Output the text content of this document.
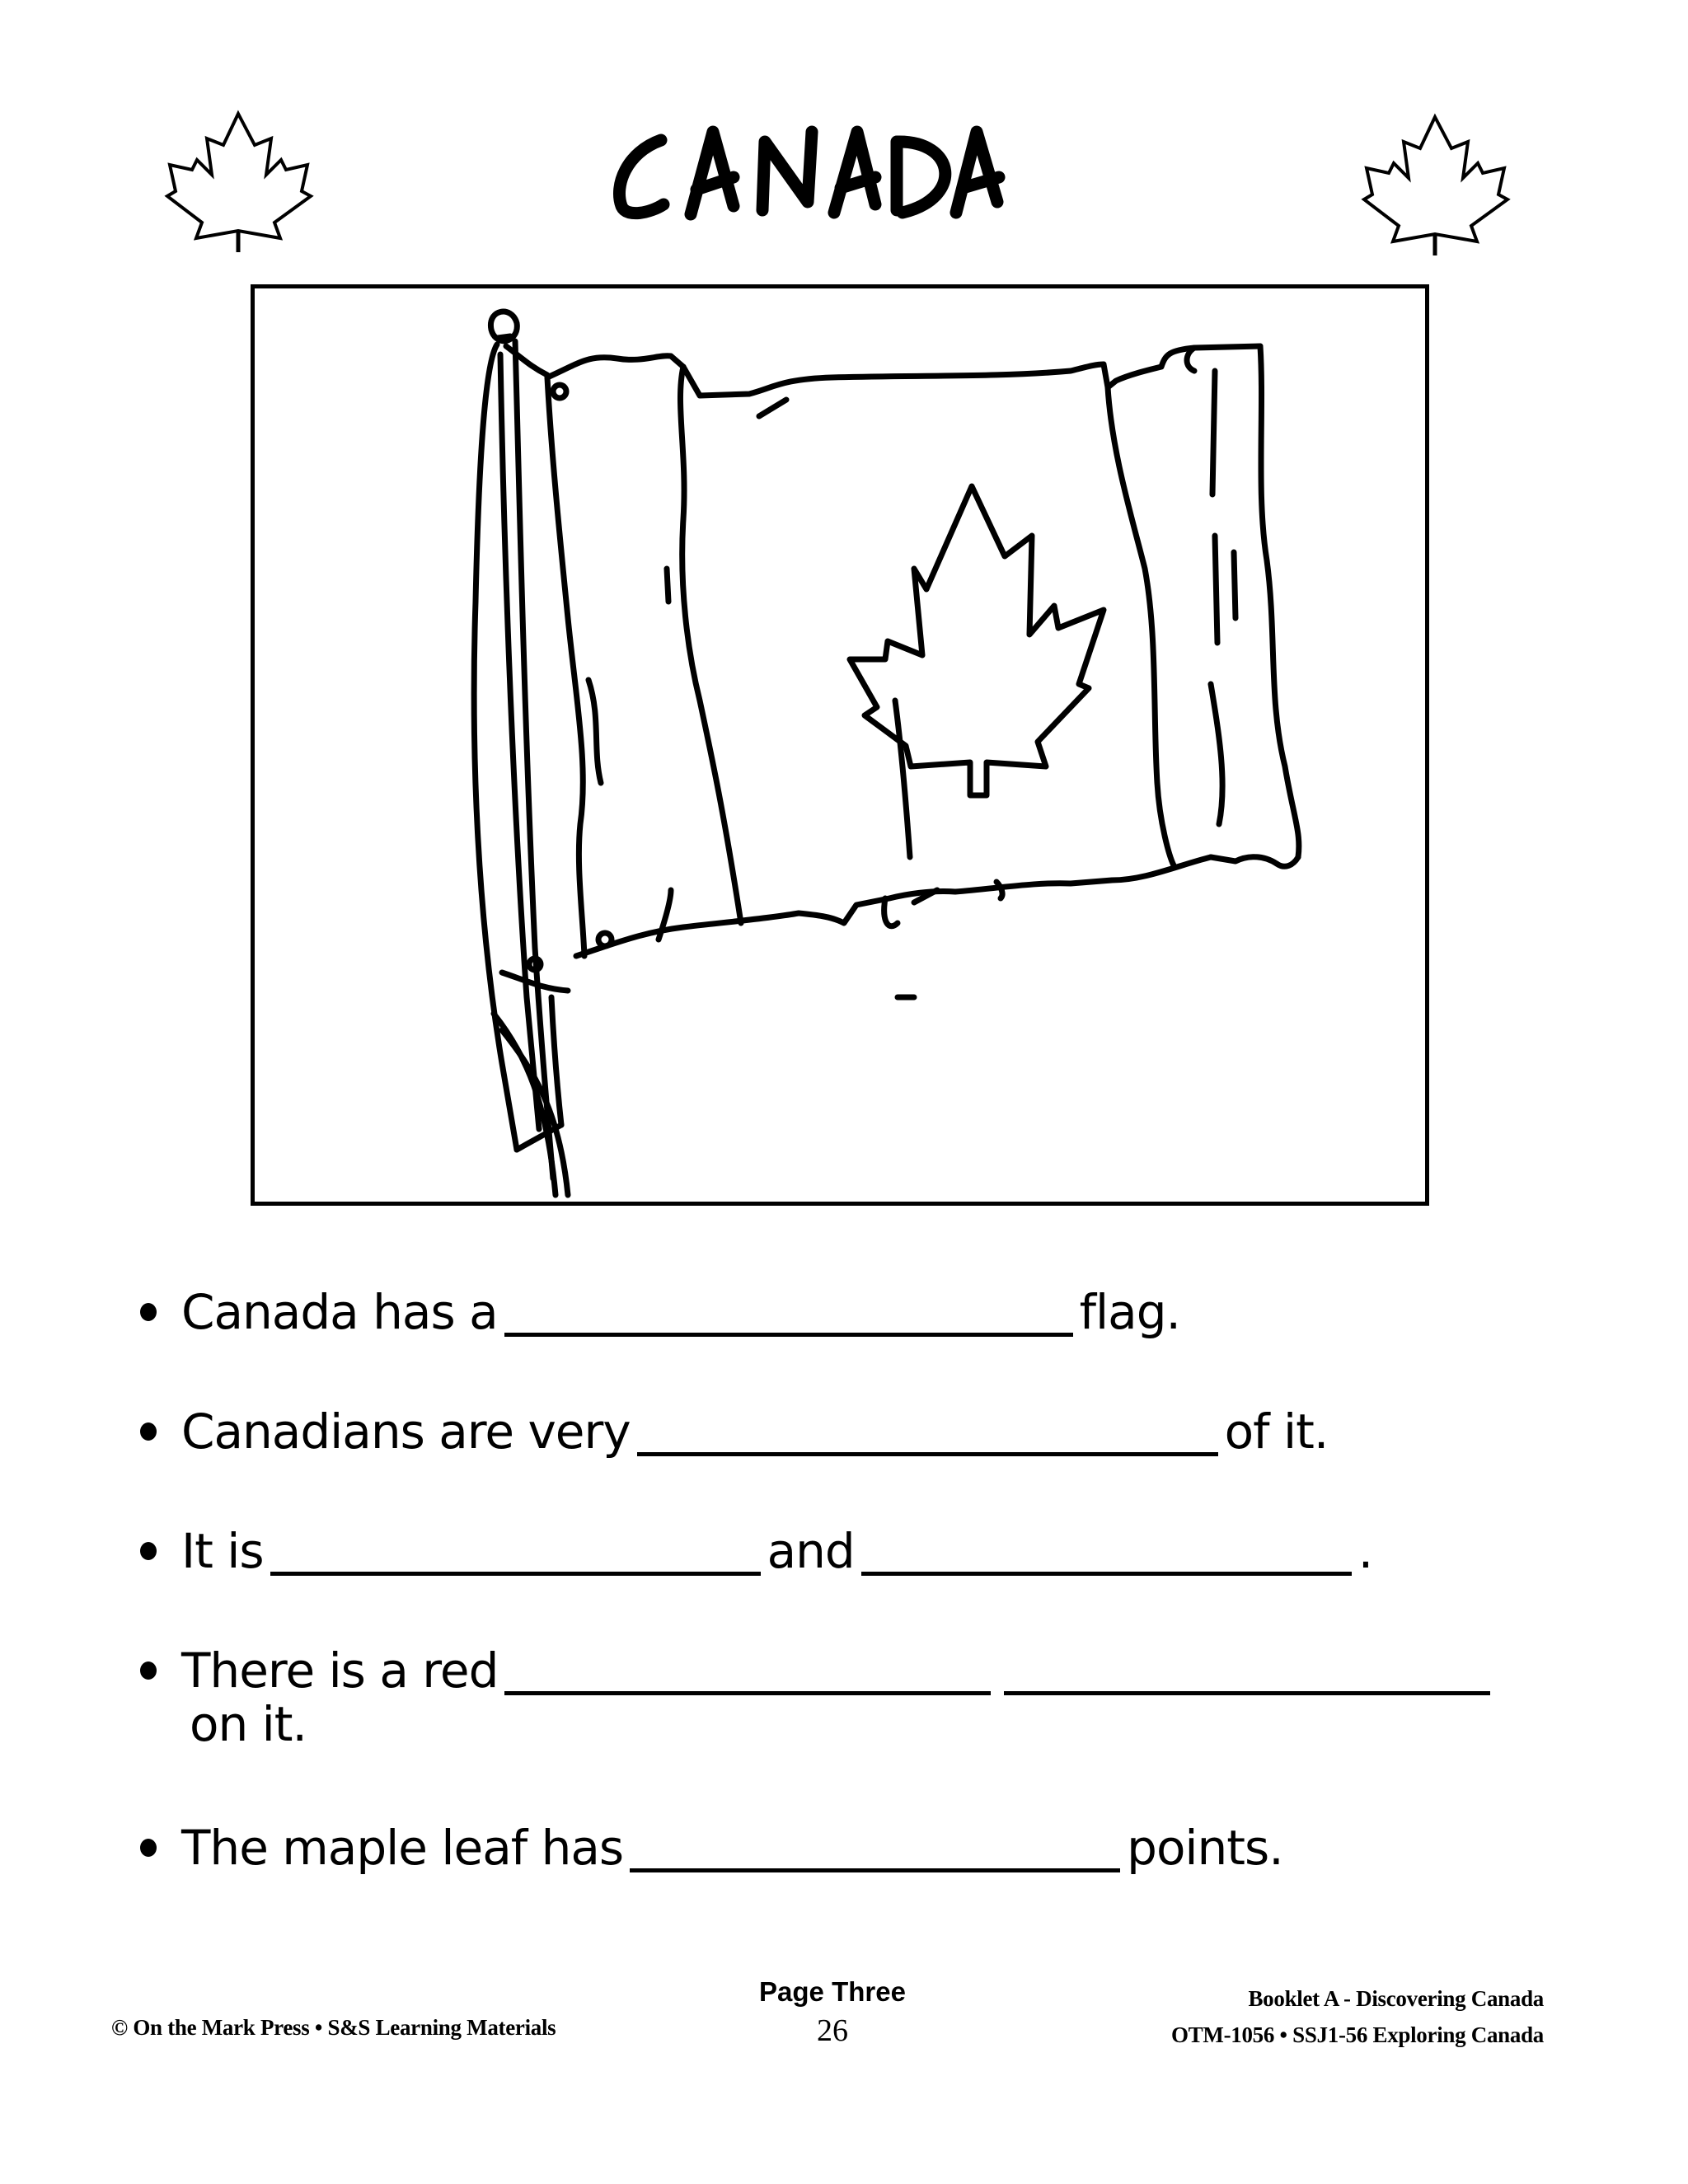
Canada has a	flag.
Canadians are very	of it.
It is	and	.
There is a red
on it.
The maple leaf has	points.
© On the Mark Press • S&S Learning Materials
Page Three
26
Booklet A - Discovering Canada
OTM-1056 • SSJ1-56 Exploring Canada
